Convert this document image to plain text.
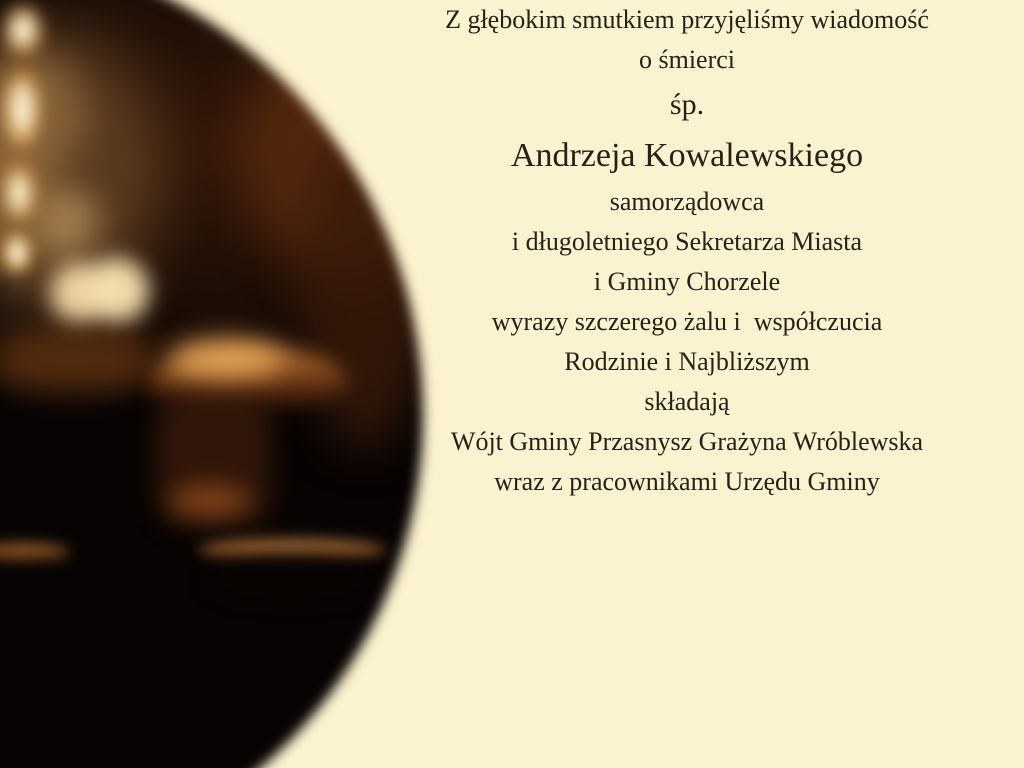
Z głębokim smutkiem przyjęliśmy wiadomość
o śmierci

śp.
Andrzeja Kowalewskiego

samorządowca
i długoletniego Sekretarza Miasta
i Gminy Chorzele

wyrazy szczerego żalu i  współczucia
Rodzinie i Najbliższym
składają

Wójt Gminy Przasnysz Grażyna Wróblewska
wraz z pracownikami Urzędu Gminy
